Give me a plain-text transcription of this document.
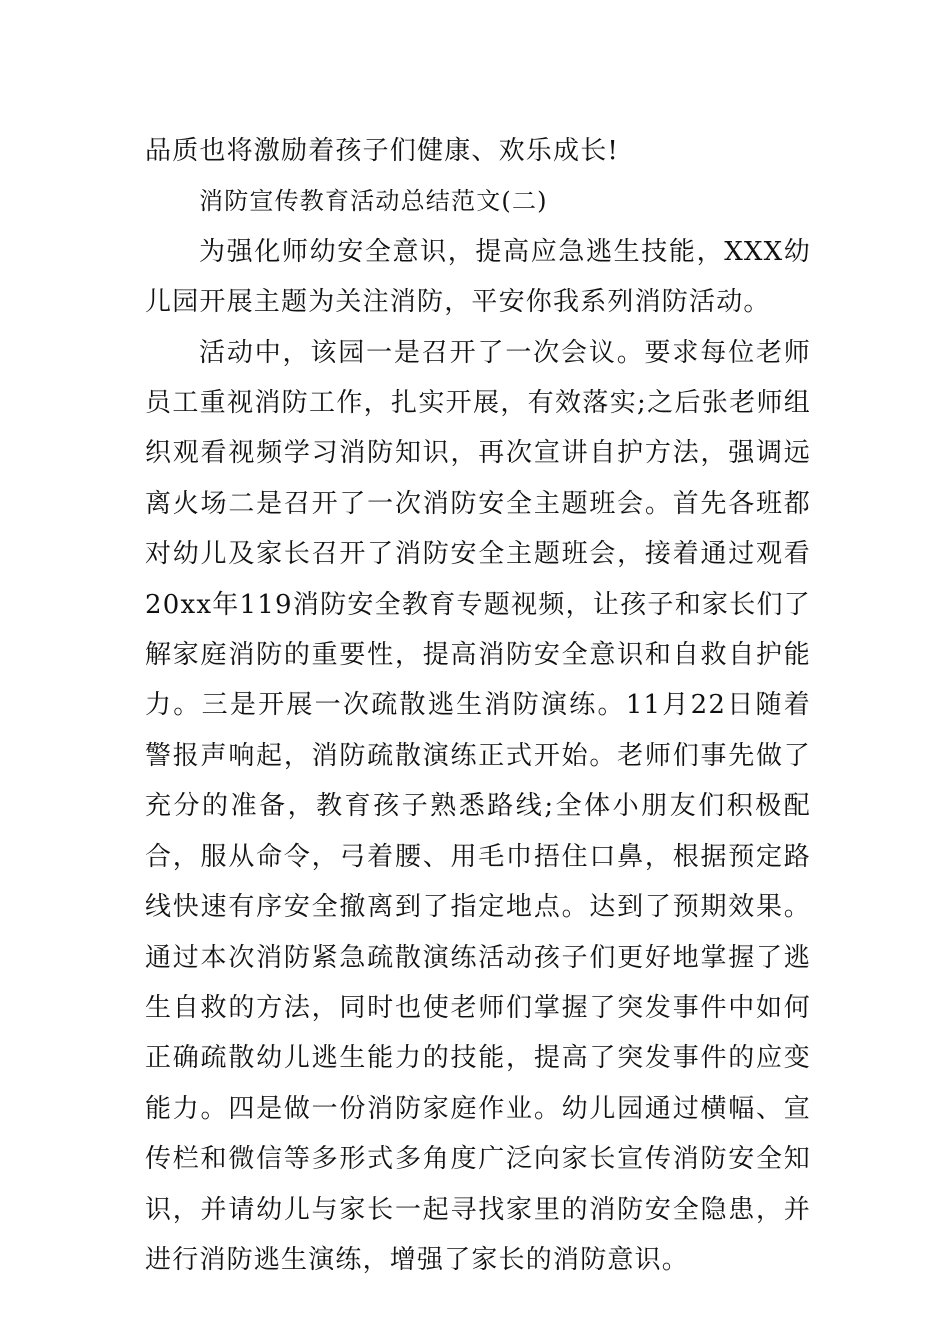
品质也将激励着孩子们健康、欢乐成长!

消防宣传教育活动总结范文(二)

为强化师幼安全意识，提高应急逃生技能，XXX幼儿园开展主题为关注消防，平安你我系列消防活动。

活动中，该园一是召开了一次会议。要求每位老师员工重视消防工作，扎实开展，有效落实;之后张老师组织观看视频学习消防知识，再次宣讲自护方法，强调远离火场二是召开了一次消防安全主题班会。首先各班都对幼儿及家长召开了消防安全主题班会，接着通过观看20xx年119消防安全教育专题视频，让孩子和家长们了解家庭消防的重要性，提高消防安全意识和自救自护能力。三是开展一次疏散逃生消防演练。11月22日随着警报声响起，消防疏散演练正式开始。老师们事先做了充分的准备，教育孩子熟悉路线;全体小朋友们积极配合，服从命令，弓着腰、用毛巾捂住口鼻，根据预定路线快速有序安全撤离到了指定地点。达到了预期效果。通过本次消防紧急疏散演练活动孩子们更好地掌握了逃生自救的方法，同时也使老师们掌握了突发事件中如何正确疏散幼儿逃生能力的技能，提高了突发事件的应变能力。四是做一份消防家庭作业。幼儿园通过横幅、宣传栏和微信等多形式多角度广泛向家长宣传消防安全知识，并请幼儿与家长一起寻找家里的消防安全隐患，并进行消防逃生演练，增强了家长的消防意识。
